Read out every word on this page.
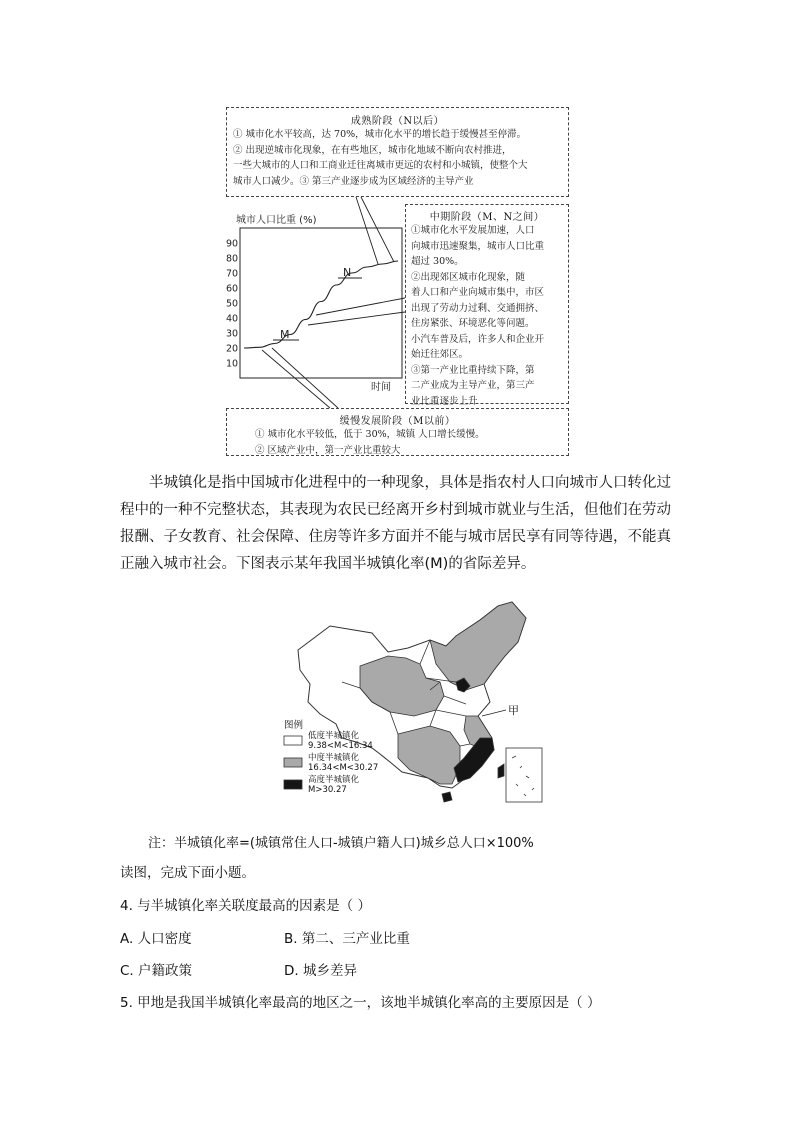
成熟阶段（N以后）
① 城市化水平较高，达 70%，城市化水平的增长趋于缓慢甚至停滞。
② 出现逆城市化现象，在有些地区，城市化地域不断向农村推进，
一些大城市的人口和工商业迁往离城市更远的农村和小城镇，使整个大
城市人口减少。③ 第三产业逐步成为区域经济的主导产业
中期阶段（M、N之间）
①城市化水平发展加速，人口
向城市迅速聚集，城市人口比重
超过 30%。
②出现郊区城市化现象，随
着人口和产业向城市集中，市区
出现了劳动力过剩、交通拥挤、
住房紧张、环境恶化等问题。
小汽车普及后，许多人和企业开
始迁往郊区。
③第一产业比重持续下降，第
二产业成为主导产业，第三产
业比重逐步上升
缓慢发展阶段（M以前）
① 城市化水平较低，低于 30%，城镇 人口增长缓慢。
② 区域产业中，第一产业比重较大
城市人口比重 (%)
90
80
70
60
50
40
30
20
10
时间
M
N
半城镇化是指中国城市化进程中的一种现象，具体是指农村人口向城市人口转化过程中的一种不完整状态，其表现为农民已经离开乡村到城市就业与生活，但他们在劳动报酬、子女教育、社会保障、住房等许多方面并不能与城市居民享有同等待遇，不能真正融入城市社会。下图表示某年我国半城镇化率(M)的省际差异。
甲
图例
低度半城镇化
9.38<M<16.34
中度半城镇化
16.34<M<30.27
高度半城镇化
M>30.27
注：半城镇化率=(城镇常住人口-城镇户籍人口)城乡总人口×100%
读图，完成下面小题。
4. 与半城镇化率关联度最高的因素是（ ）
A. 人口密度	B. 第二、三产业比重
C. 户籍政策	D. 城乡差异
5. 甲地是我国半城镇化率最高的地区之一，该地半城镇化率高的主要原因是（ ）
